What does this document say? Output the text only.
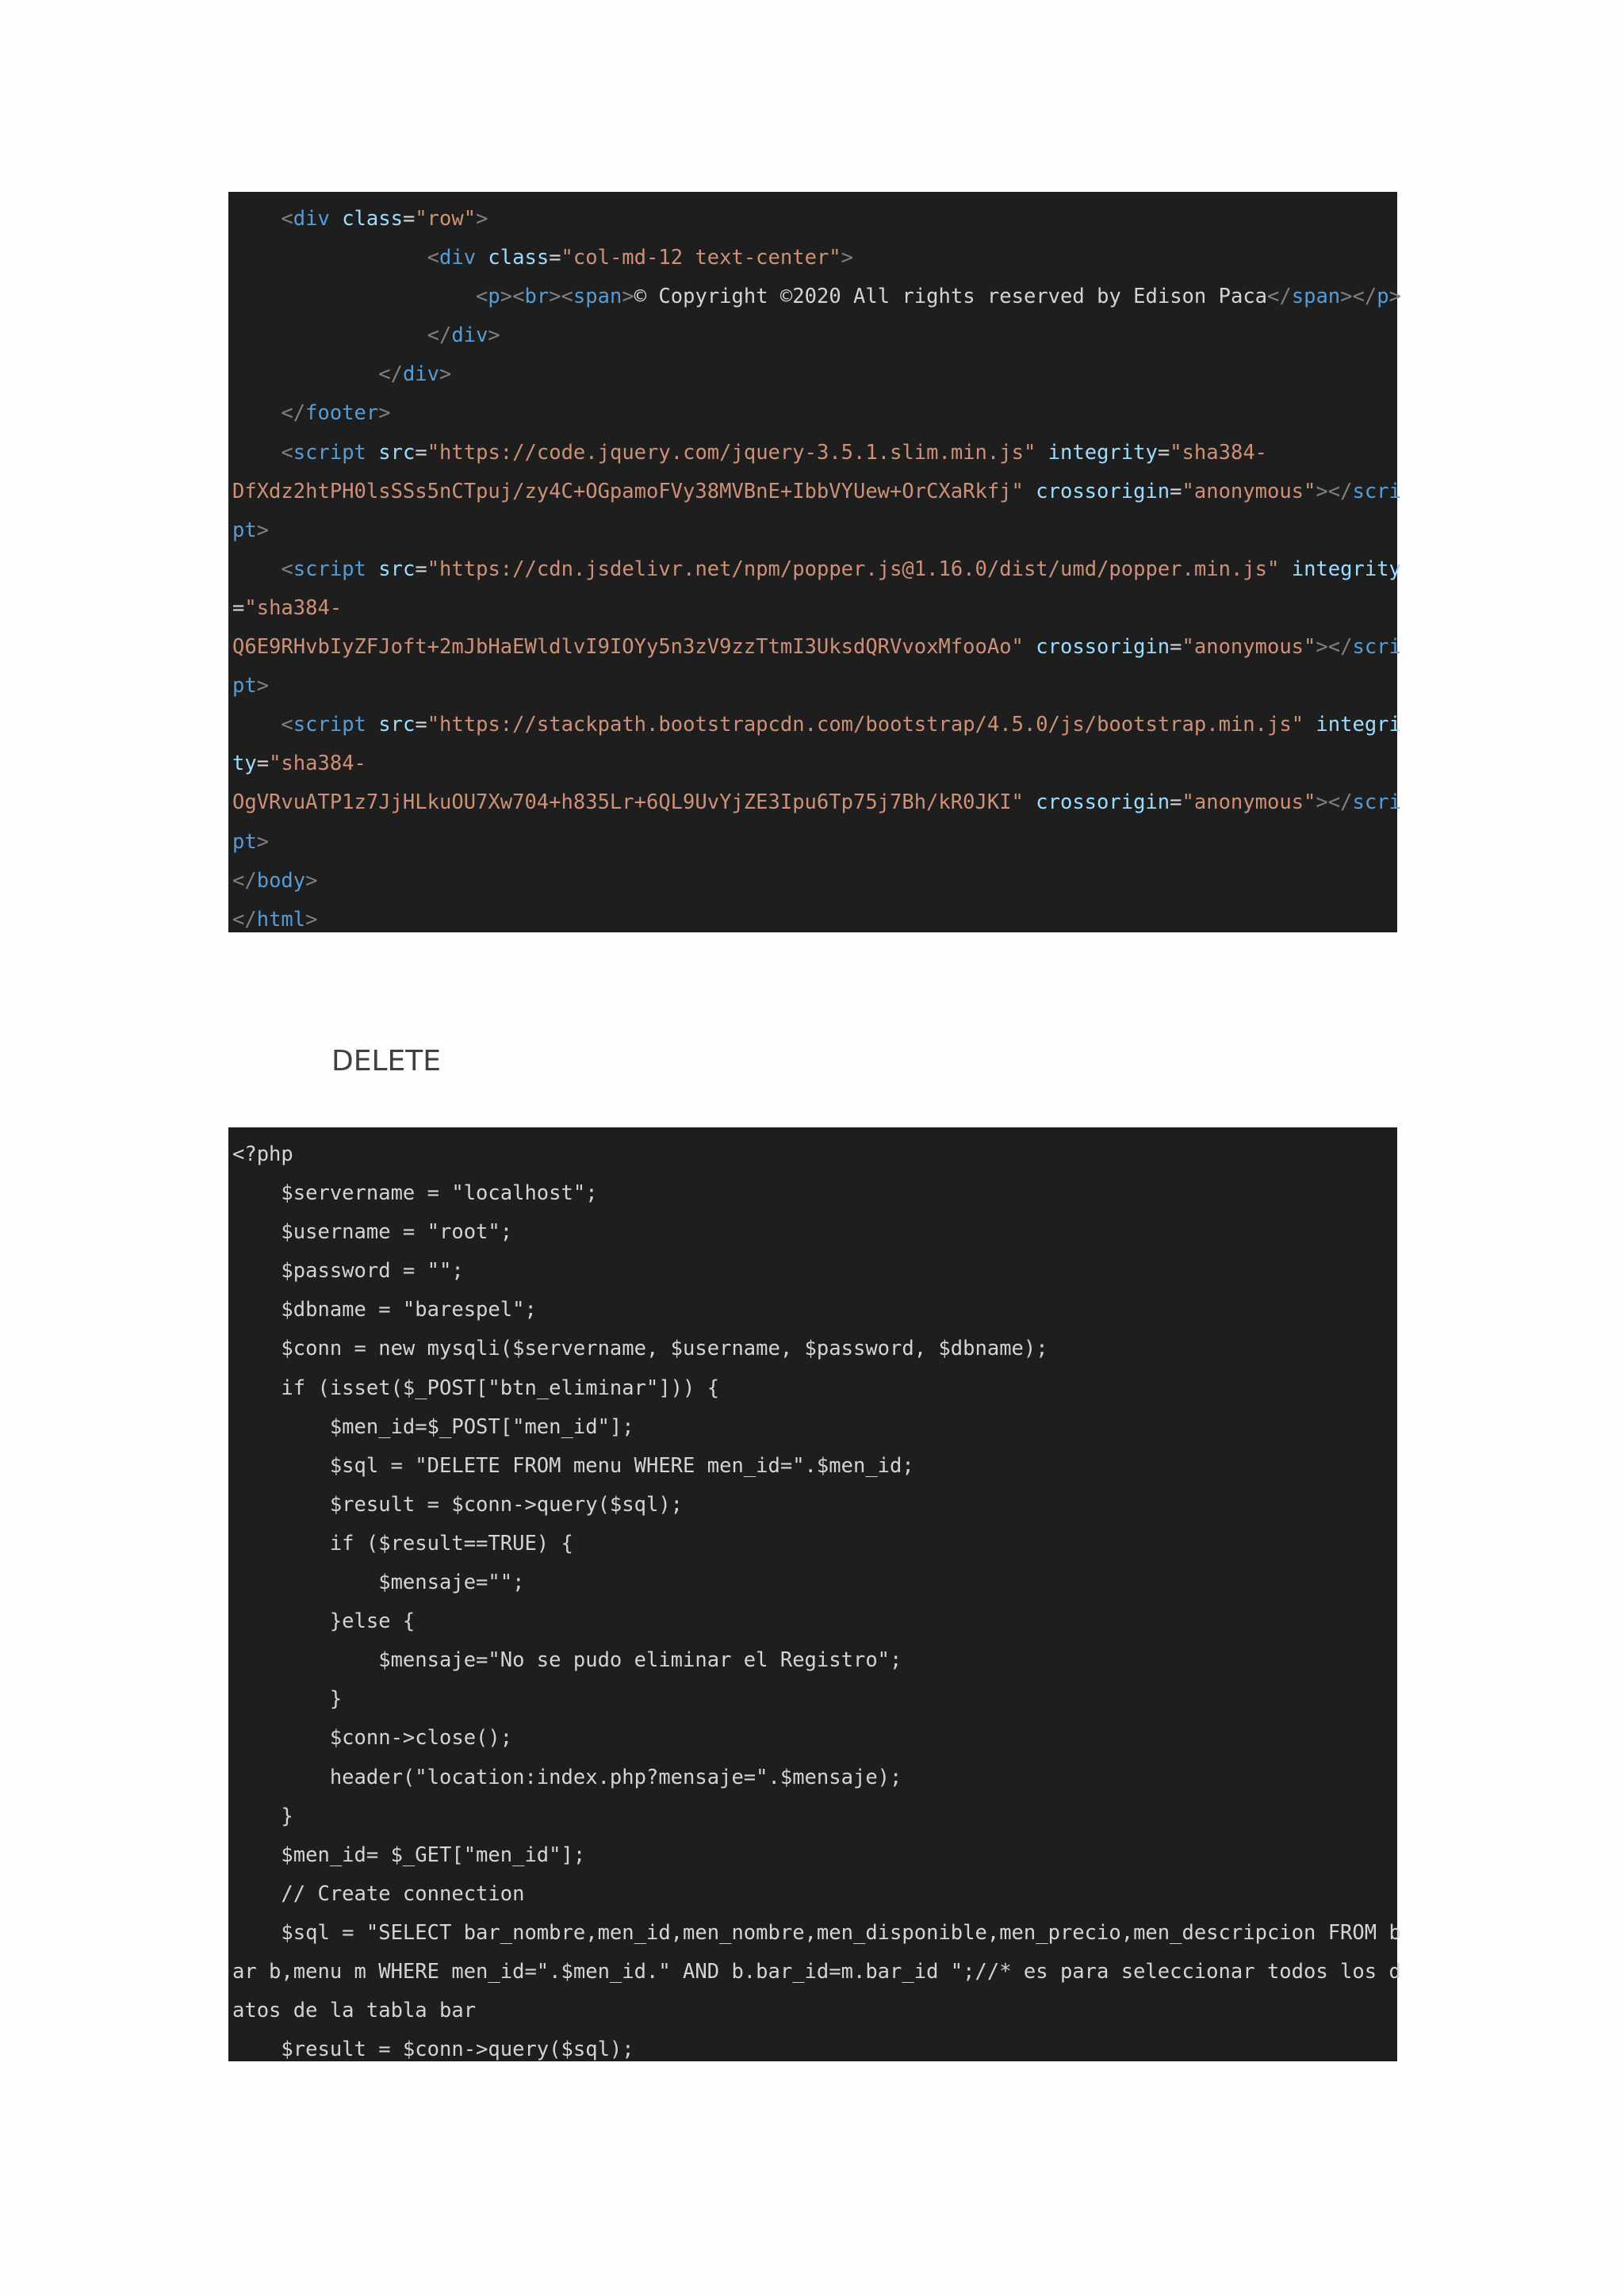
<div class="row">
<div class="col-md-12 text-center">
<p><br><span>© Copyright ©2020 All rights reserved by Edison Paca</span></p>
</div>
</div>
</footer>
<script src="https://code.jquery.com/jquery-3.5.1.slim.min.js" integrity="sha384-
DfXdz2htPH0lsSSs5nCTpuj/zy4C+OGpamoFVy38MVBnE+IbbVYUew+OrCXaRkfj" crossorigin="anonymous"></scri
pt>
<script src="https://cdn.jsdelivr.net/npm/popper.js@1.16.0/dist/umd/popper.min.js" integrity
="sha384-
Q6E9RHvbIyZFJoft+2mJbHaEWldlvI9IOYy5n3zV9zzTtmI3UksdQRVvoxMfooAo" crossorigin="anonymous"></scri
pt>
<script src="https://stackpath.bootstrapcdn.com/bootstrap/4.5.0/js/bootstrap.min.js" integri
ty="sha384-
OgVRvuATP1z7JjHLkuOU7Xw704+h835Lr+6QL9UvYjZE3Ipu6Tp75j7Bh/kR0JKI" crossorigin="anonymous"></scri
pt>
</body>
</html>
DELETE
<?php
$servername = "localhost";
$username = "root";
$password = "";
$dbname = "barespel";
$conn = new mysqli($servername, $username, $password, $dbname);
if (isset($_POST["btn_eliminar"])) {
$men_id=$_POST["men_id"];
$sql = "DELETE FROM menu WHERE men_id=".$men_id;
$result = $conn->query($sql);
if ($result==TRUE) {
$mensaje="";
}else {
$mensaje="No se pudo eliminar el Registro";
}
$conn->close();
header("location:index.php?mensaje=".$mensaje);
}
$men_id= $_GET["men_id"];
// Create connection
$sql = "SELECT bar_nombre,men_id,men_nombre,men_disponible,men_precio,men_descripcion FROM b
ar b,menu m WHERE men_id=".$men_id." AND b.bar_id=m.bar_id ";//* es para seleccionar todos los d
atos de la tabla bar
$result = $conn->query($sql);
